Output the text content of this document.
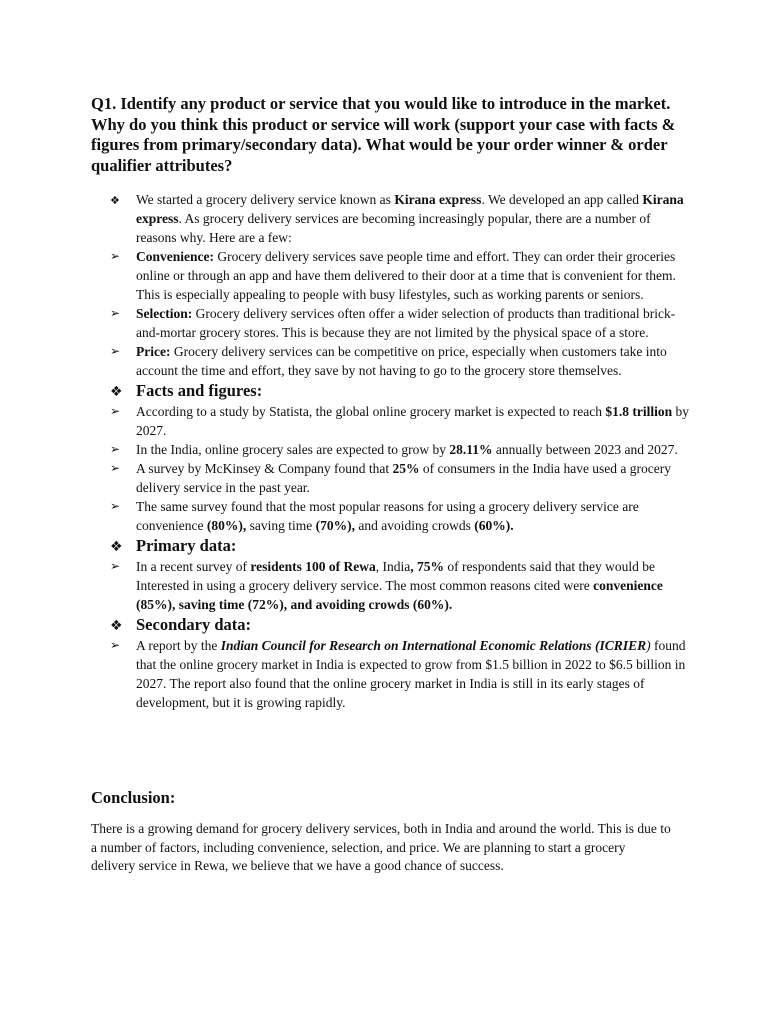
Q1. Identify any product or service that you would like to introduce in the market. Why do you think this product or service will work (support your case with facts & figures from primary/secondary data). What would be your order winner & order qualifier attributes?

❖	We started a grocery delivery service known as Kirana express. We developed an app called Kirana express. As grocery delivery services are becoming increasingly popular, there are a number of reasons why. Here are a few:
➢	Convenience: Grocery delivery services save people time and effort. They can order their groceries online or through an app and have them delivered to their door at a time that is convenient for them. This is especially appealing to people with busy lifestyles, such as working parents or seniors.
➢	Selection: Grocery delivery services often offer a wider selection of products than traditional brick-and-mortar grocery stores. This is because they are not limited by the physical space of a store.
➢	Price: Grocery delivery services can be competitive on price, especially when customers take into account the time and effort, they save by not having to go to the grocery store themselves.
❖ Facts and figures:
➢	According to a study by Statista, the global online grocery market is expected to reach $1.8 trillion by 2027.
➢	In the India, online grocery sales are expected to grow by 28.11% annually between 2023 and 2027.
➢	A survey by McKinsey & Company found that 25% of consumers in the India have used a grocery delivery service in the past year.
➢	The same survey found that the most popular reasons for using a grocery delivery service are convenience (80%), saving time (70%), and avoiding crowds (60%).
❖ Primary data:
➢	In a recent survey of residents 100 of Rewa, India, 75% of respondents said that they would be Interested in using a grocery delivery service. The most common reasons cited were convenience (85%), saving time (72%), and avoiding crowds (60%).
❖ Secondary data:
➢	A report by the Indian Council for Research on International Economic Relations (ICRIER) found that the online grocery market in India is expected to grow from $1.5 billion in 2022 to $6.5 billion in 2027. The report also found that the online grocery market in India is still in its early stages of development, but it is growing rapidly.

Conclusion:

There is a growing demand for grocery delivery services, both in India and around the world. This is due to a number of factors, including convenience, selection, and price. We are planning to start a grocery delivery service in Rewa, we believe that we have a good chance of success.
